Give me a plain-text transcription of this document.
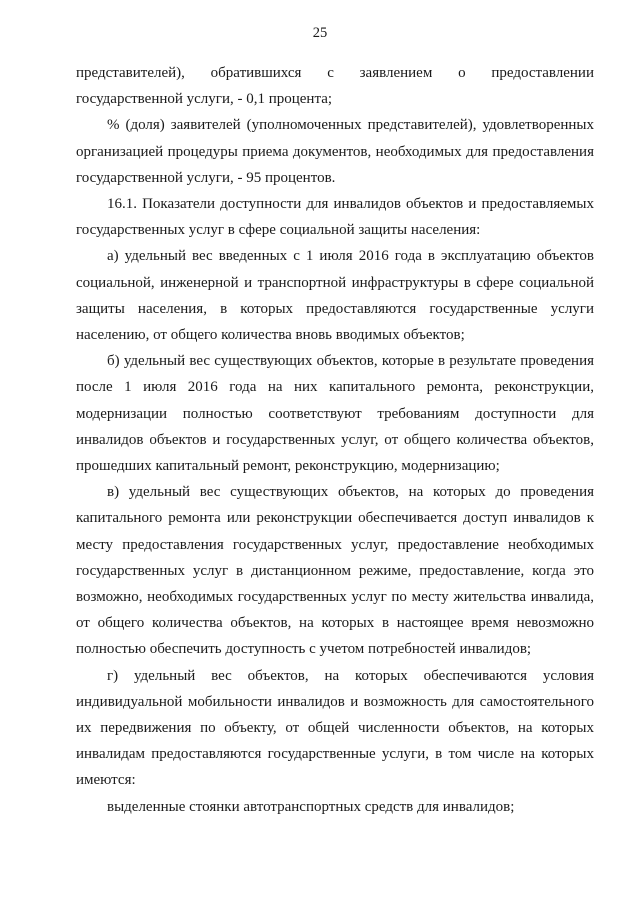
25

представителей), обратившихся с заявлением о предоставлении государственной услуги, - 0,1 процента;

% (доля) заявителей (уполномоченных представителей), удовлетворенных организацией процедуры приема документов, необходимых для предоставления государственной услуги, - 95 процентов.

16.1. Показатели доступности для инвалидов объектов и предоставляемых государственных услуг в сфере социальной защиты населения:

а) удельный вес введенных с 1 июля 2016 года в эксплуатацию объектов социальной, инженерной и транспортной инфраструктуры в сфере социальной защиты населения, в которых предоставляются государственные услуги населению, от общего количества вновь вводимых объектов;

б) удельный вес существующих объектов, которые в результате проведения после 1 июля 2016 года на них капитального ремонта, реконструкции, модернизации полностью соответствуют требованиям доступности для инвалидов объектов и государственных услуг, от общего количества объектов, прошедших капитальный ремонт, реконструкцию, модернизацию;

в) удельный вес существующих объектов, на которых до проведения капитального ремонта или реконструкции обеспечивается доступ инвалидов к месту предоставления государственных услуг, предоставление необходимых государственных услуг в дистанционном режиме, предоставление, когда это возможно, необходимых государственных услуг по месту жительства инвалида, от общего количества объектов, на которых в настоящее время невозможно полностью обеспечить доступность с учетом потребностей инвалидов;

г) удельный вес объектов, на которых обеспечиваются условия индивидуальной мобильности инвалидов и возможность для самостоятельного их передвижения по объекту, от общей численности объектов, на которых инвалидам предоставляются государственные услуги, в том числе на которых имеются:

выделенные стоянки автотранспортных средств для инвалидов;
